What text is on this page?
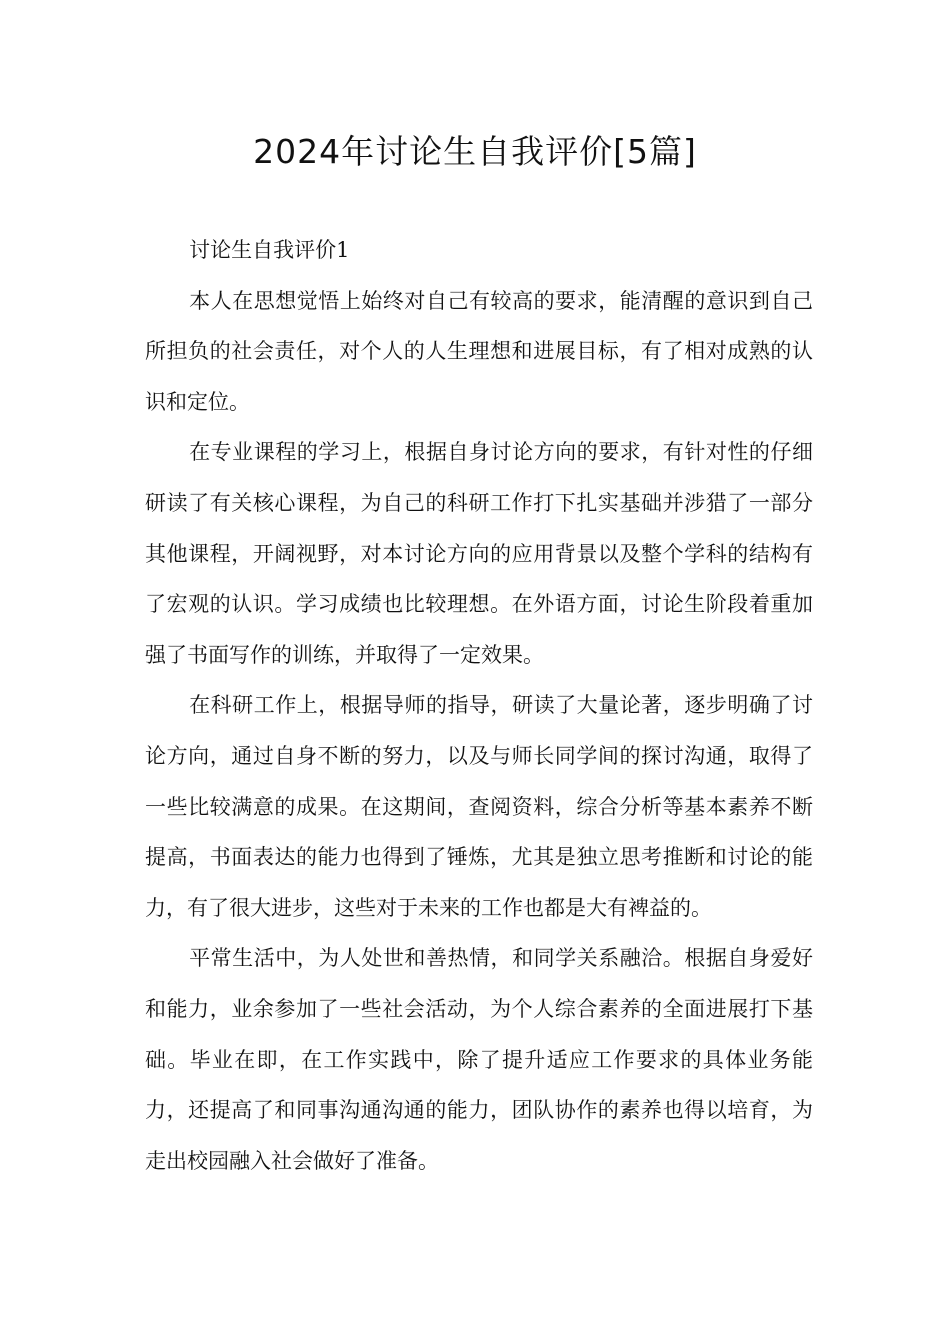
2024年讨论生自我评价[5篇]

讨论生自我评价1

本人在思想觉悟上始终对自己有较高的要求，能清醒的意识到自己所担负的社会责任，对个人的人生理想和进展目标，有了相对成熟的认识和定位。

在专业课程的学习上，根据自身讨论方向的要求，有针对性的仔细研读了有关核心课程，为自己的科研工作打下扎实基础并涉猎了一部分其他课程，开阔视野，对本讨论方向的应用背景以及整个学科的结构有了宏观的认识。学习成绩也比较理想。在外语方面，讨论生阶段着重加强了书面写作的训练，并取得了一定效果。

在科研工作上，根据导师的指导，研读了大量论著，逐步明确了讨论方向，通过自身不断的努力，以及与师长同学间的探讨沟通，取得了一些比较满意的成果。在这期间，查阅资料，综合分析等基本素养不断提高，书面表达的能力也得到了锤炼，尤其是独立思考推断和讨论的能力，有了很大进步，这些对于未来的工作也都是大有裨益的。

平常生活中，为人处世和善热情，和同学关系融洽。根据自身爱好和能力，业余参加了一些社会活动，为个人综合素养的全面进展打下基础。毕业在即，在工作实践中，除了提升适应工作要求的具体业务能力，还提高了和同事沟通沟通的能力，团队协作的素养也得以培育，为走出校园融入社会做好了准备。
